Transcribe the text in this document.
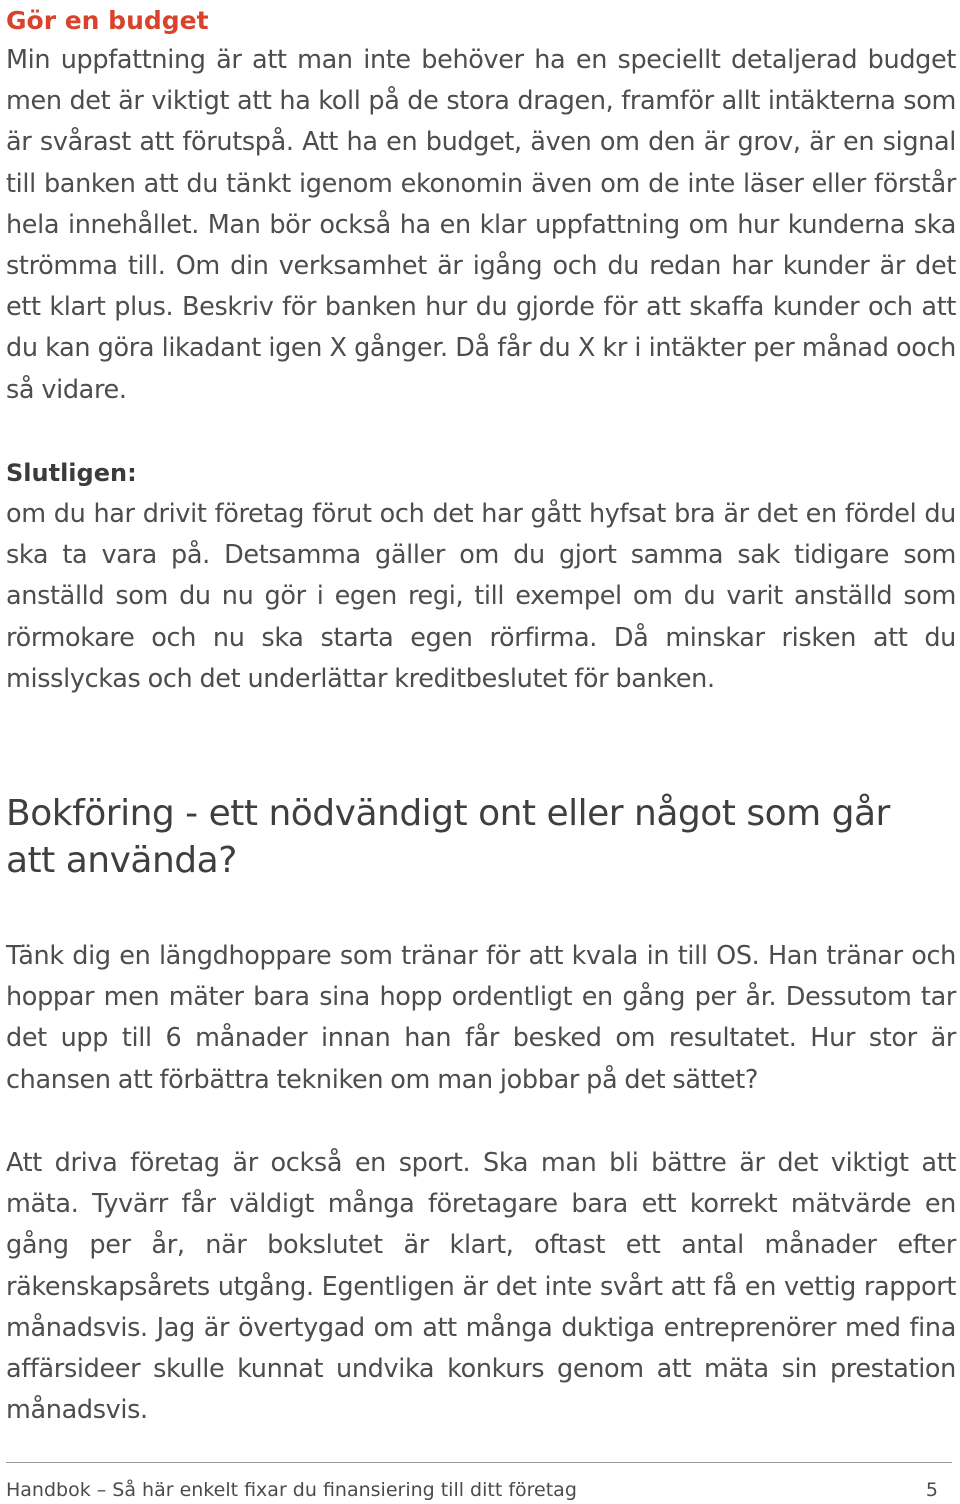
Gör en budget

Min uppfattning är att man inte behöver ha en speciellt detaljerad budget men det är viktigt att ha koll på de stora dragen, framför allt intäkterna som är svårast att förutspå. Att ha en budget, även om den är grov, är en signal till banken att du tänkt igenom ekonomin även om de inte läser eller förstår hela innehållet. Man bör också ha en klar uppfattning om hur kunderna ska strömma till. Om din verksamhet är igång och du redan har kunder är det ett klart plus. Beskriv för banken hur du gjorde för att skaffa kunder och att du kan göra likadant igen X gånger. Då får du X kr i intäkter per månad ooch så vidare.

Slutligen:

om du har drivit företag förut och det har gått hyfsat bra är det en fördel du ska ta vara på. Detsamma gäller om du gjort samma sak tidigare som anställd som du nu gör i egen regi, till exempel om du varit anställd som rörmokare och nu ska starta egen rörfirma. Då minskar risken att du misslyckas och det underlättar kreditbeslutet för banken.

Bokföring - ett nödvändigt ont eller något som går att använda?

Tänk dig en längdhoppare som tränar för att kvala in till OS. Han tränar och hoppar men mäter bara sina hopp ordentligt en gång per år. Dessutom tar det upp till 6 månader innan han får besked om resultatet. Hur stor är chansen att förbättra tekniken om man jobbar på det sättet?

Att driva företag är också en sport. Ska man bli bättre är det viktigt att mäta. Tyvärr får väldigt många företagare bara ett korrekt mätvärde en gång per år, när bokslutet är klart, oftast ett antal månader efter räkenskapsårets utgång. Egentligen är det inte svårt att få en vettig rapport månadsvis. Jag är övertygad om att många duktiga entreprenörer med fina affärsideer skulle kunnat undvika konkurs genom att mäta sin prestation månadsvis.

Handbok – Så här enkelt fixar du finansiering till ditt företag	5
